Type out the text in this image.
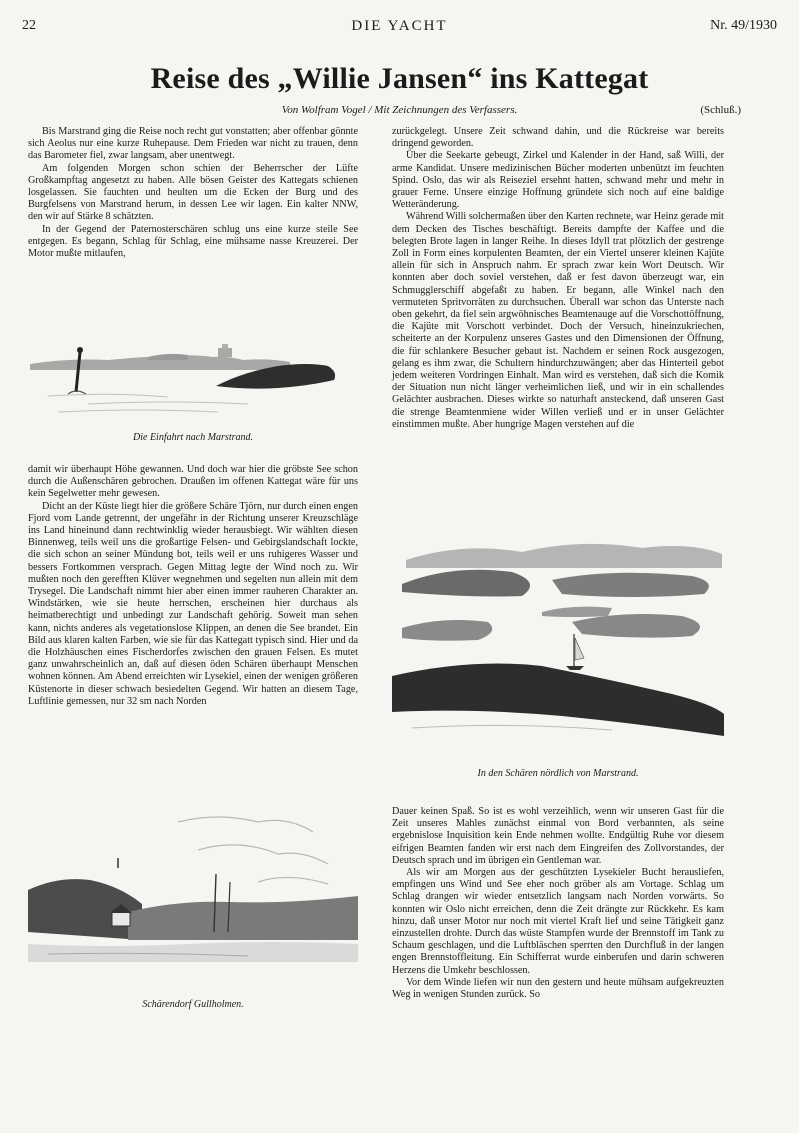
22	DIE YACHT	Nr. 49/1930
Reise des „Willie Jansen“ ins Kattegat
Von Wolfram Vogel / Mit Zeichnungen des Verfassers.	(Schluß.)

Bis Marstrand ging die Reise noch recht gut vonstatten; aber offenbar gönnte sich Aeolus nur eine kurze Ruhepause. Dem Frieden war nicht zu trauen, denn das Barometer fiel, zwar langsam, aber unentwegt.

Am folgenden Morgen schon schien der Beherrscher der Lüfte Großkampftag angesetzt zu haben. Alle bösen Geister des Kattegats schienen losgelassen. Sie fauchten und heulten um die Ecken der Burg und des Burgfelsens von Marstrand herum, in dessen Lee wir lagen. Ein kalter NNW, den wir auf Stärke 8 schätzten.

In der Gegend der Paternosterschären schlug uns eine kurze steile See entgegen. Es begann, Schlag für Schlag, eine mühsame nasse Kreuzerei. Der Motor mußte mitlaufen,

Die Einfahrt nach Marstrand.

damit wir überhaupt Höhe gewannen. Und doch war hier die gröbste See schon durch die Außenschären gebrochen. Draußen im offenen Kattegat wäre für uns kein Segelwetter mehr gewesen.

Dicht an der Küste liegt hier die größere Schäre Tjörn, nur durch einen engen Fjord vom Lande getrennt, der ungefähr in der Richtung unserer Kreuzschläge ins Land hineinund dann rechtwinklig wieder herausbiegt. Wir wählten diesen Binnenweg, teils weil uns die großartige Felsen- und Gebirgslandschaft lockte, die sich schon an seiner Mündung bot, teils weil er uns ruhigeres Wasser und bessers Fortkommen versprach. Gegen Mittag legte der Wind noch zu. Wir mußten noch den gerefften Klüver wegnehmen und segelten nun allein mit dem Trysegel. Die Landschaft nimmt hier aber einen immer rauheren Charakter an. Windstärken, wie sie heute herrschen, erscheinen hier durchaus als heimatberechtigt und unbedingt zur Landschaft gehörig. Soweit man sehen kann, nichts anderes als vegetationslose Klippen, an denen die See brandet. Ein Bild aus klaren kalten Farben, wie sie für das Kattegatt typisch sind. Hier und da die Holzhäuschen eines Fischerdorfes zwischen den grauen Felsen. Es mutet ganz unwahrscheinlich an, daß auf diesen öden Schären überhaupt Menschen wohnen können. Am Abend erreichten wir Lysekiel, einen der wenigen größeren Küstenorte in dieser schwach besiedelten Gegend. Wir hatten an diesem Tage, Luftlinie gemessen, nur 32 sm nach Norden

Schärendorf Gullholmen.

zurückgelegt. Unsere Zeit schwand dahin, und die Rückreise war bereits dringend geworden.

Über die Seekarte gebeugt, Zirkel und Kalender in der Hand, saß Willi, der arme Kandidat. Unsere medizinischen Bücher moderten unbenützt im feuchten Spind. Oslo, das wir als Reiseziel ersehnt hatten, schwand mehr und mehr in grauer Ferne. Unsere einzige Hoffnung gründete sich noch auf eine baldige Wetteränderung.

Während Willi solchermaßen über den Karten rechnete, war Heinz gerade mit dem Decken des Tisches beschäftigt. Bereits dampfte der Kaffee und die belegten Brote lagen in langer Reihe. In dieses Idyll trat plötzlich der gestrenge Zoll in Form eines korpulenten Beamten, der ein Viertel unserer kleinen Kajüte allein für sich in Anspruch nahm. Er sprach zwar kein Wort Deutsch. Wir konnten aber doch soviel verstehen, daß er fest davon überzeugt war, ein Schmugglerschiff abgefaßt zu haben. Er begann, alle Winkel nach den vermuteten Spritvorräten zu durchsuchen. Überall war schon das Unterste nach oben gekehrt, da fiel sein argwöhnisches Beamtenauge auf die Vorschottöffnung, die Kajüte mit Vorschott verbindet. Doch der Versuch, hineinzukriechen, scheiterte an der Korpulenz unseres Gastes und den Dimensionen der Öffnung, die für schlankere Besucher gebaut ist. Nachdem er seinen Rock ausgezogen, gelang es ihm zwar, die Schultern hindurchzuwängen; aber das Hinterteil gebot jedem weiteren Vordringen Einhalt. Man wird es verstehen, daß sich die Komik der Situation nun nicht länger verheimlichen ließ, und wir in ein schallendes Gelächter ausbrachen. Dieses wirkte so naturhaft ansteckend, daß unseren Gast die strenge Beamtenmiene wider Willen verließ und er in unser Gelächter einstimmen mußte. Aber hungrige Magen verstehen auf die

In den Schären nördlich von Marstrand.

Dauer keinen Spaß. So ist es wohl verzeihlich, wenn wir unseren Gast für die Zeit unseres Mahles zunächst einmal von Bord verbannten, als seine ergebnislose Inquisition kein Ende nehmen wollte. Endgültig Ruhe vor diesem eifrigen Beamten fanden wir erst nach dem Eingreifen des Zollvorstandes, der Deutsch sprach und im übrigen ein Gentleman war.

Als wir am Morgen aus der geschützten Lysekieler Bucht herausliefen, empfingen uns Wind und See eher noch gröber als am Vortage. Schlag um Schlag drangen wir wieder entsetzlich langsam nach Norden vorwärts. So konnten wir Oslo nicht erreichen, denn die Zeit drängte zur Rückkehr. Es kam hinzu, daß unser Motor nur noch mit viertel Kraft lief und seine Tätigkeit ganz einzustellen drohte. Durch das wüste Stampfen wurde der Brennstoff im Tank zu Schaum geschlagen, und die Luftbläschen sperrten den Durchfluß in der langen engen Brennstoffleitung. Ein Schifferrat wurde einberufen und darin schweren Herzens die Umkehr beschlossen.

Vor dem Winde liefen wir nun den gestern und heute mühsam aufgekreuzten Weg in wenigen Stunden zurück. So
